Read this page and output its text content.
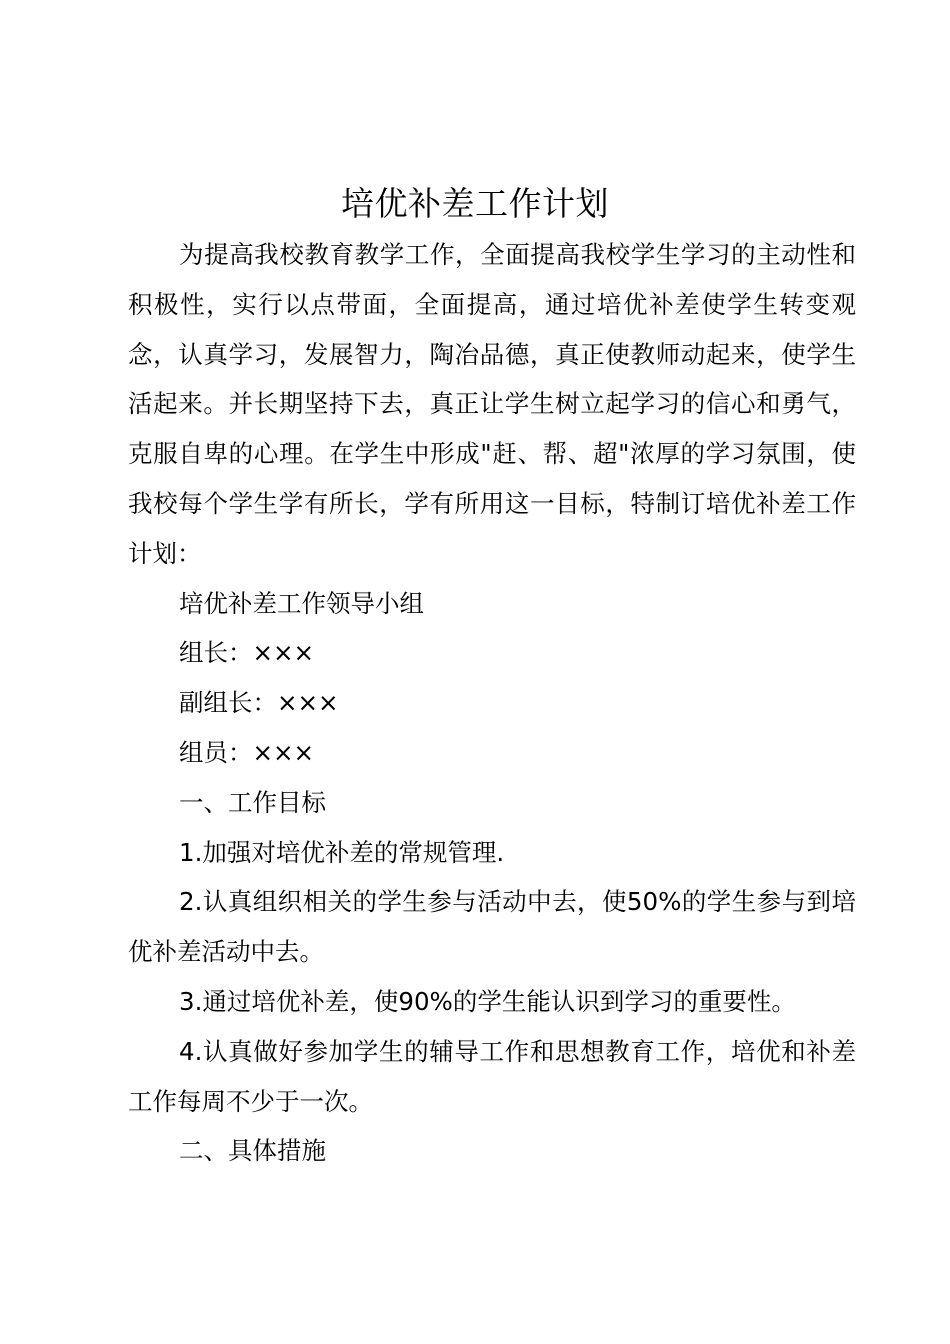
培优补差工作计划

为提高我校教育教学工作，全面提高我校学生学习的主动性和积极性，实行以点带面，全面提高，通过培优补差使学生转变观念，认真学习，发展智力，陶冶品德，真正使教师动起来，使学生活起来。并长期坚持下去，真正让学生树立起学习的信心和勇气，克服自卑的心理。在学生中形成"赶、帮、超"浓厚的学习氛围，使我校每个学生学有所长，学有所用这一目标，特制订培优补差工作计划：

培优补差工作领导小组

组长：×××

副组长：×××

组员：×××

一、工作目标

1.加强对培优补差的常规管理.

2.认真组织相关的学生参与活动中去，使50%的学生参与到培优补差活动中去。

3.通过培优补差，使90%的学生能认识到学习的重要性。

4.认真做好参加学生的辅导工作和思想教育工作，培优和补差工作每周不少于一次。

二、具体措施
